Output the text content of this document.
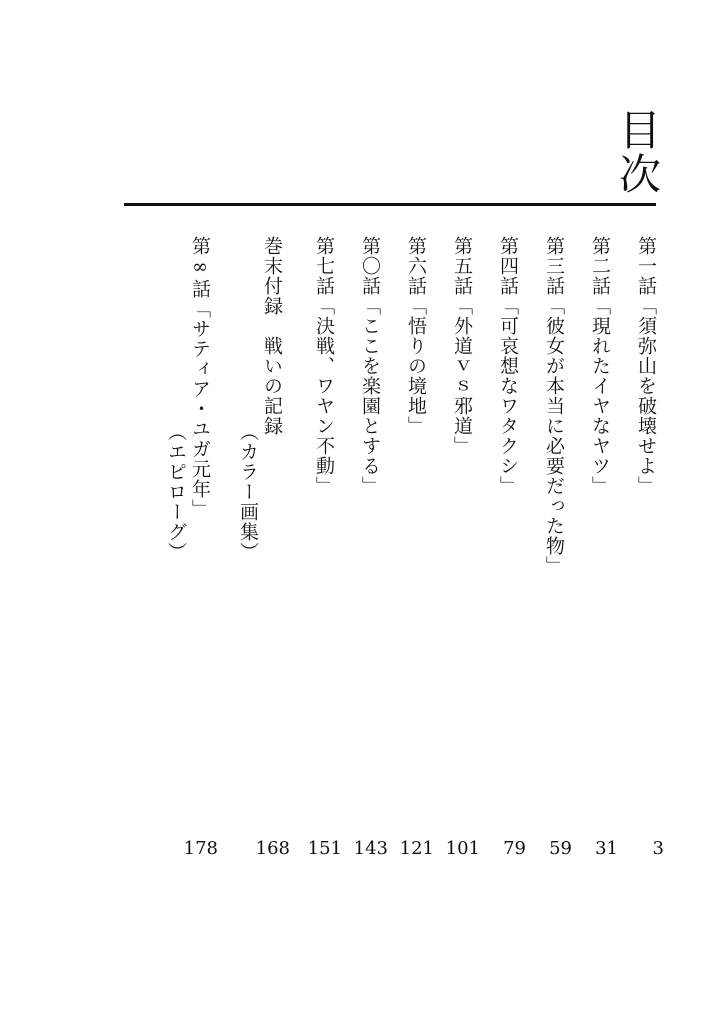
目次
第一話「須弥山を破壊せよ」
3
第二話「現れたイヤなヤツ」
31
第三話「彼女が本当に必要だった物」
59
第四話「可哀想なワタクシ」
79
第五話「外道ｖｓ邪道」
101
第六話「悟りの境地」
121
第〇話「ここを楽園とする」
143
第七話「決戦、ワヤン不動」
151
巻末付録　戦いの記録
（カラー画集）
168
第∞話「サティア・ユガ元年」
（エピローグ）
178
